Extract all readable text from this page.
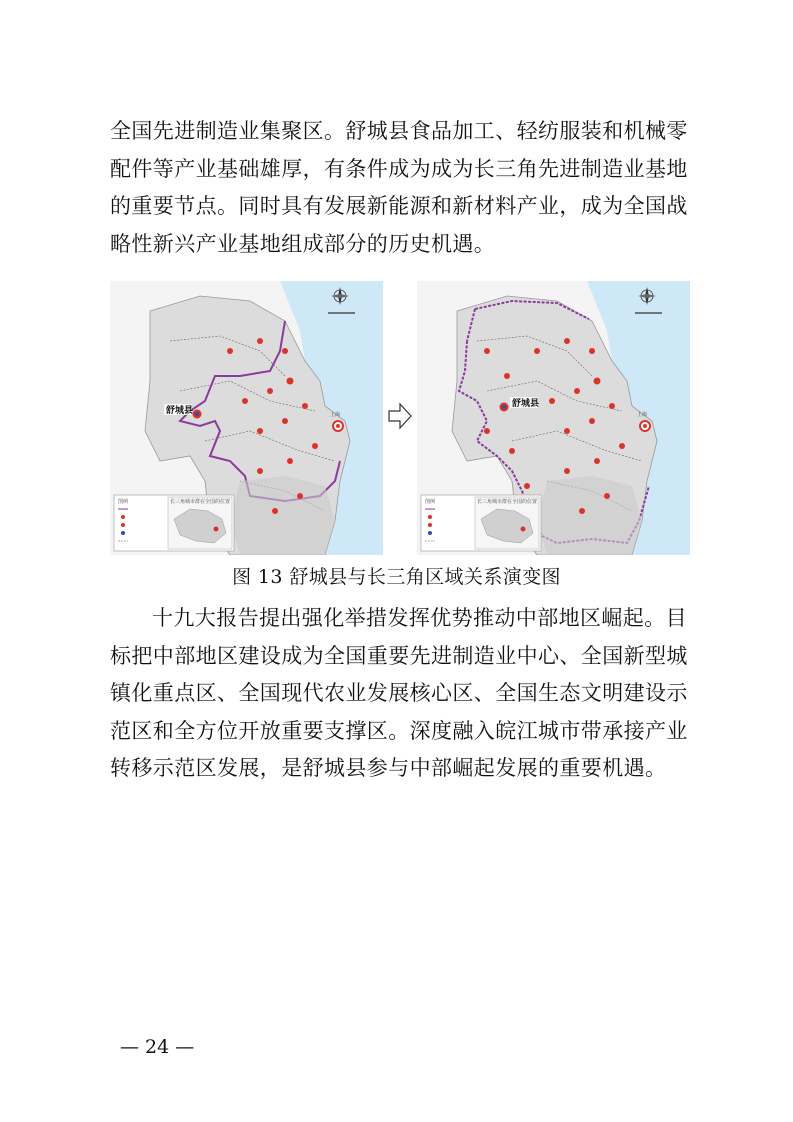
全国先进制造业集聚区。舒城县食品加工、轻纺服装和机械零配件等产业基础雄厚，有条件成为成为长三角先进制造业基地的重要节点。同时具有发展新能源和新材料产业，成为全国战略性新兴产业基地组成部分的历史机遇。

上海
舒城县
图例	长三角城市群在全国的位置
上海
舒城县
图例	长三角城市群在全国的位置
图 13 舒城县与长三角区域关系演变图

十九大报告提出强化举措发挥优势推动中部地区崛起。目标把中部地区建设成为全国重要先进制造业中心、全国新型城镇化重点区、全国现代农业发展核心区、全国生态文明建设示范区和全方位开放重要支撑区。深度融入皖江城市带承接产业转移示范区发展，是舒城县参与中部崛起发展的重要机遇。

— 24 —
